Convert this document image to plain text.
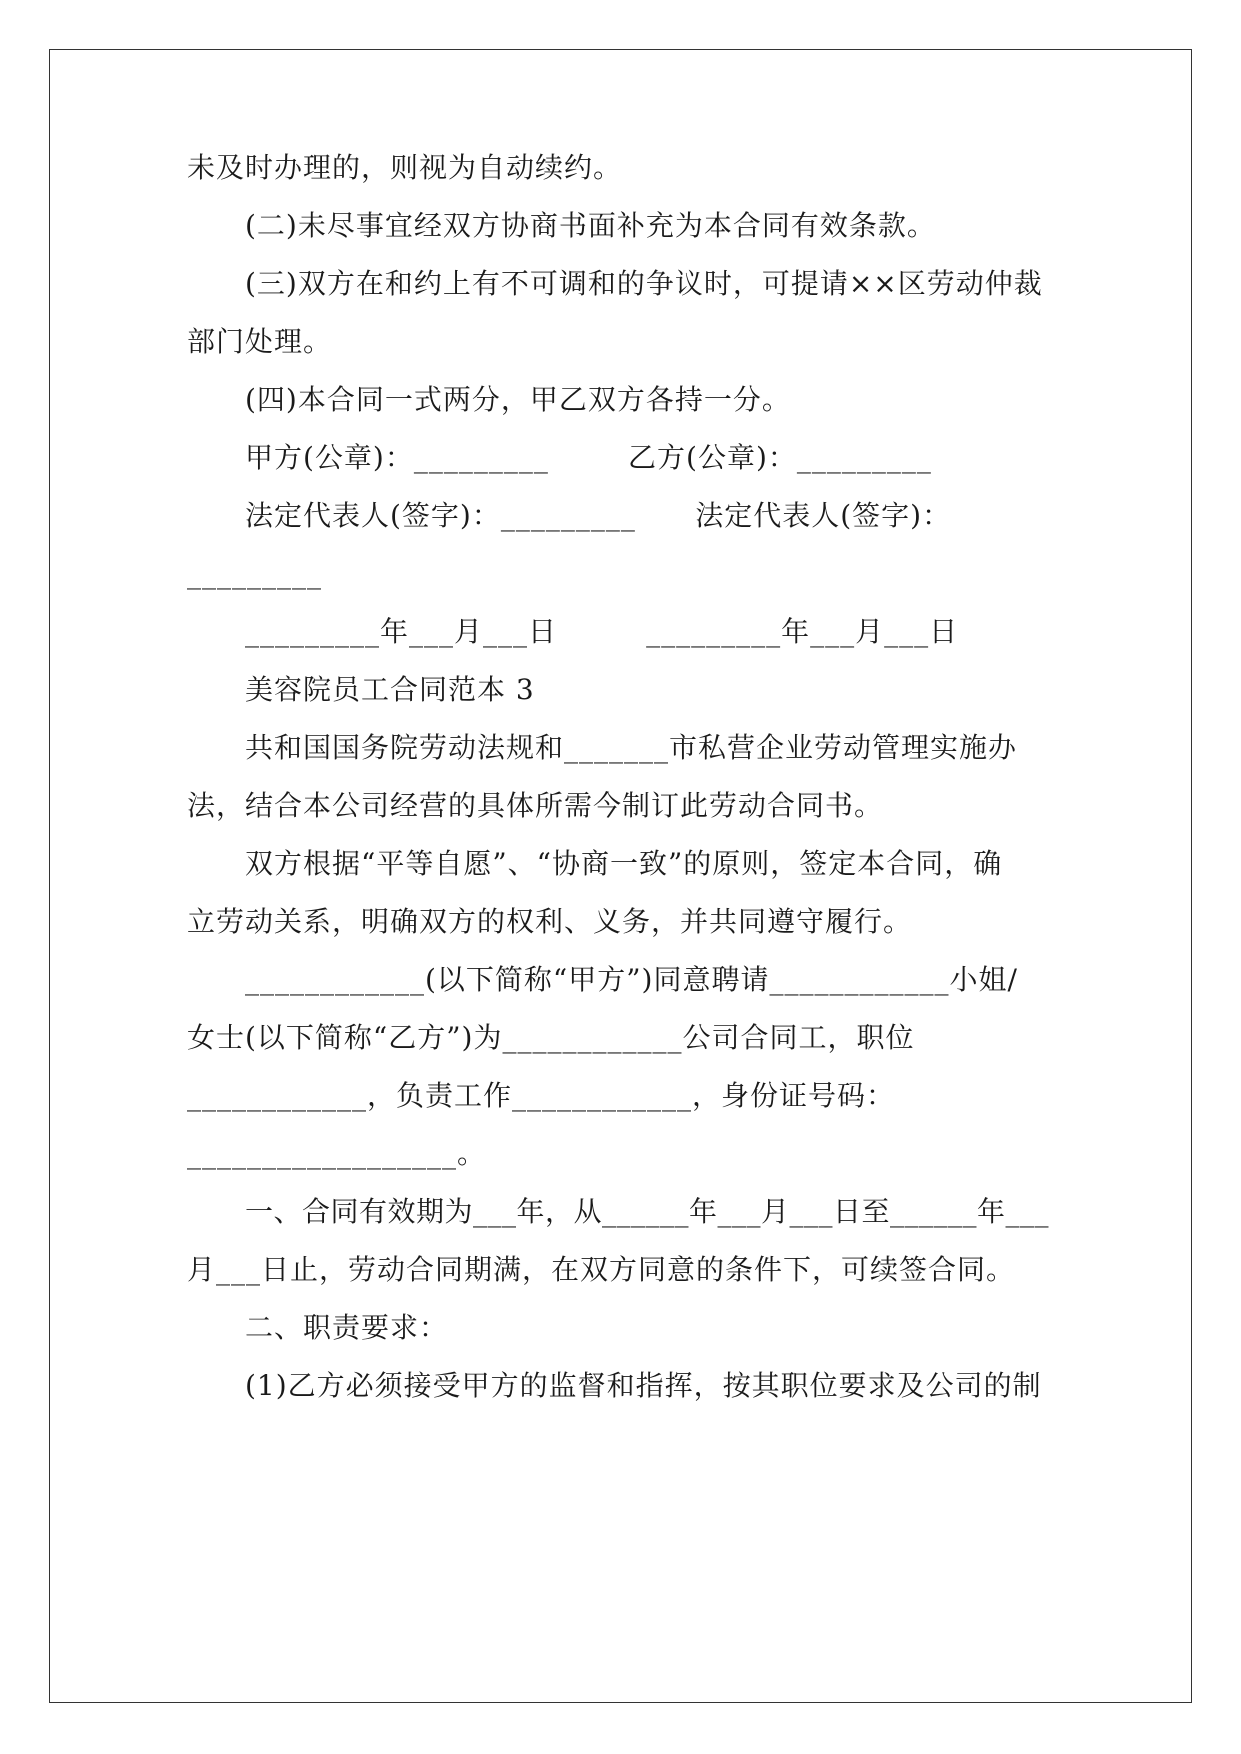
未及时办理的，则视为自动续约。
(二)未尽事宜经双方协商书面补充为本合同有效条款。
(三)双方在和约上有不可调和的争议时，可提请××区劳动仲裁
部门处理。
(四)本合同一式两分，甲乙双方各持一分。
甲方(公章)：_________        乙方(公章)：_________
法定代表人(签字)：_________      法定代表人(签字)：
_________
_________年___月___日         _________年___月___日
美容院员工合同范本 3
共和国国务院劳动法规和_______市私营企业劳动管理实施办
法，结合本公司经营的具体所需今制订此劳动合同书。
双方根据“平等自愿”、“协商一致”的原则，签定本合同，确
立劳动关系，明确双方的权利、义务，并共同遵守履行。
____________(以下简称“甲方”)同意聘请____________小姐/
女士(以下简称“乙方”)为____________公司合同工，职位
____________，负责工作____________，身份证号码：
__________________。
一、合同有效期为___年，从______年___月___日至______年___
月___日止，劳动合同期满，在双方同意的条件下，可续签合同。
二、职责要求：
(1)乙方必须接受甲方的监督和指挥，按其职位要求及公司的制
